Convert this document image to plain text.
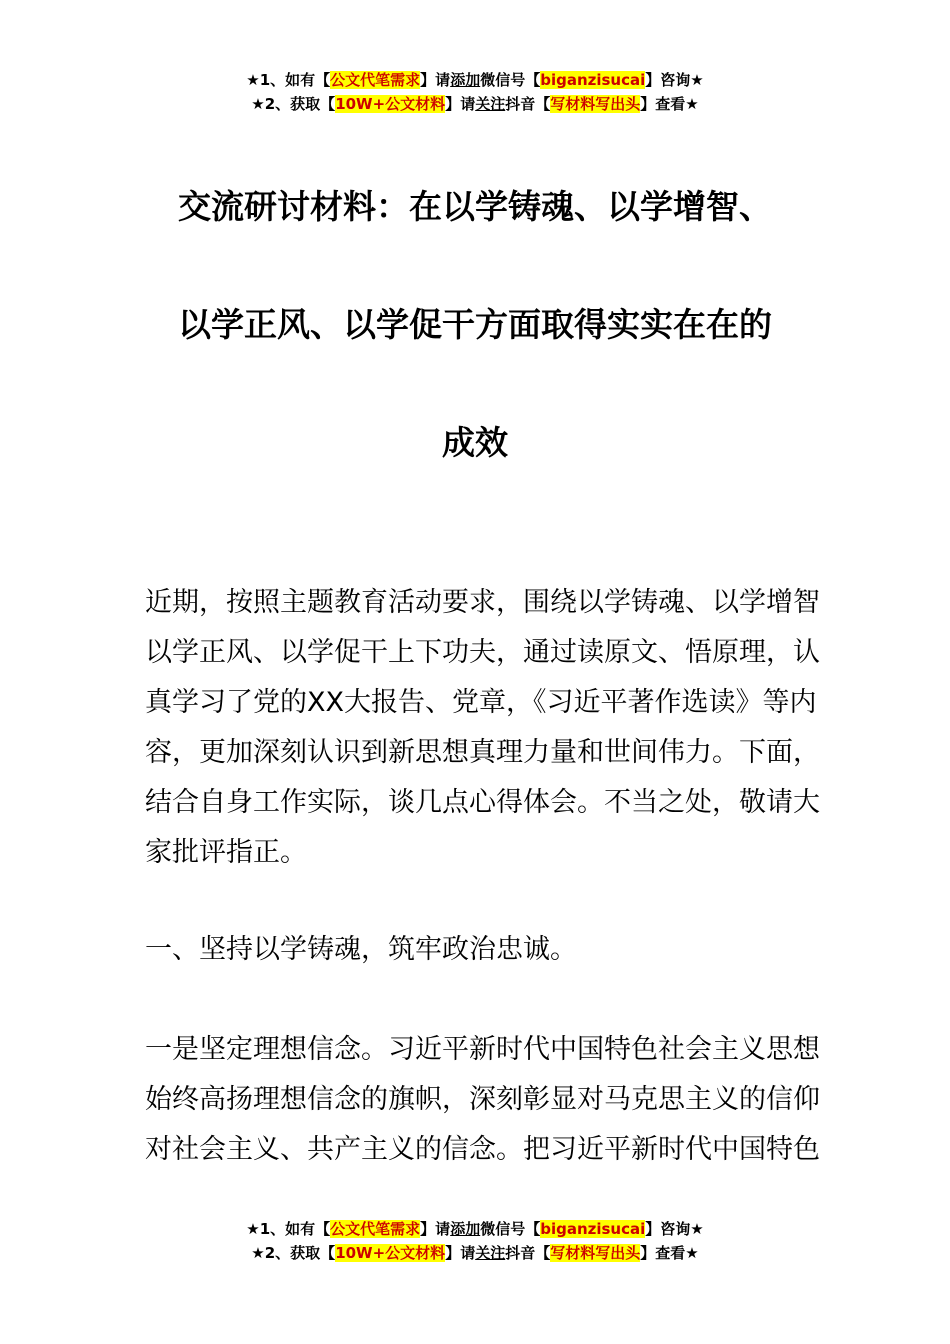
★1、如有【公文代笔需求】请添加微信号【biganzisucai】咨询★
★2、获取【10W+公文材料】请关注抖音【写材料写出头】查看★
交流研讨材料：在以学铸魂、以学增智、
以学正风、以学促干方面取得实实在在的
成效

近期，按照主题教育活动要求，围绕以学铸魂、以学增智
以学正风、以学促干上下功夫，通过读原文、悟原理，认
真学习了党的XX大报告、党章，《习近平著作选读》等内
容，更加深刻认识到新思想真理力量和世间伟力。下面，
结合自身工作实际，谈几点心得体会。不当之处，敬请大
家批评指正。

一、坚持以学铸魂，筑牢政治忠诚。

一是坚定理想信念。习近平新时代中国特色社会主义思想
始终高扬理想信念的旗帜，深刻彰显对马克思主义的信仰
对社会主义、共产主义的信念。把习近平新时代中国特色

★1、如有【公文代笔需求】请添加微信号【biganzisucai】咨询★
★2、获取【10W+公文材料】请关注抖音【写材料写出头】查看★
